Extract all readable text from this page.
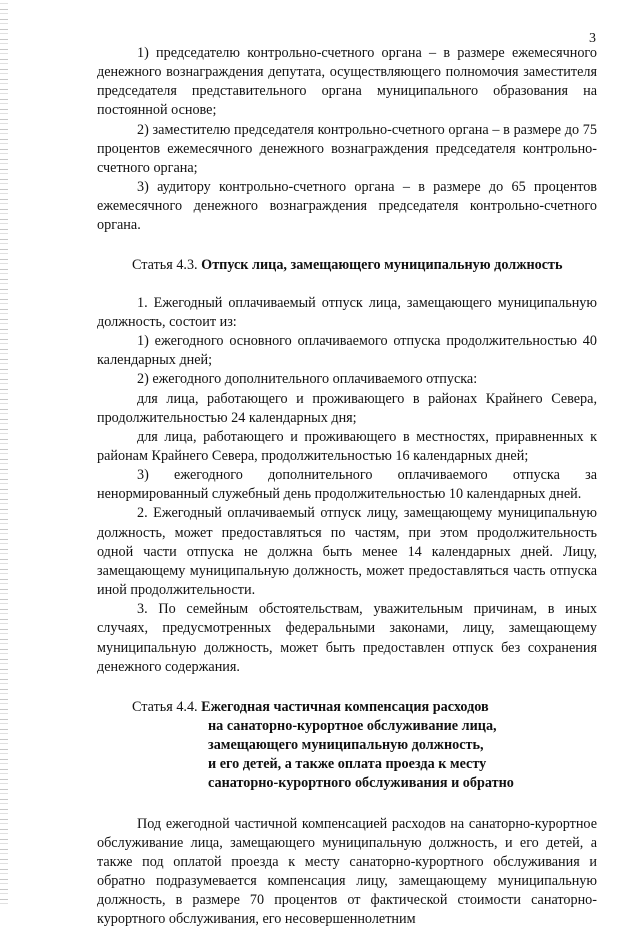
3

1) председателю контрольно-счетного органа – в размере ежемесячного денежного вознаграждения депутата, осуществляющего полномочия заместителя председателя представительного органа муниципального образования на постоянной основе;

2) заместителю председателя контрольно-счетного органа – в размере до 75 процентов ежемесячного денежного вознаграждения председателя контрольно-счетного органа;

3) аудитору контрольно-счетного органа – в размере до 65 процентов ежемесячного денежного вознаграждения председателя контрольно-счетного органа.

Статья 4.3. Отпуск лица, замещающего муниципальную должность

1. Ежегодный оплачиваемый отпуск лица, замещающего муниципальную должность, состоит из:

1) ежегодного основного оплачиваемого отпуска продолжительностью 40 календарных дней;

2) ежегодного дополнительного оплачиваемого отпуска:

для лица, работающего и проживающего в районах Крайнего Севера, продолжительностью 24 календарных дня;

для лица, работающего и проживающего в местностях, приравненных к районам Крайнего Севера, продолжительностью 16 календарных дней;

3) ежегодного дополнительного оплачиваемого отпуска за ненормированный служебный день продолжительностью 10 календарных дней.

2. Ежегодный оплачиваемый отпуск лицу, замещающему муниципальную должность, может предоставляться по частям, при этом продолжительность одной части отпуска не должна быть менее 14 календарных дней. Лицу, замещающему муниципальную должность, может предоставляться часть отпуска иной продолжительности.

3. По семейным обстоятельствам, уважительным причинам, в иных случаях, предусмотренных федеральными законами, лицу, замещающему муниципальную должность, может быть предоставлен отпуск без сохранения денежного содержания.

Статья 4.4. Ежегодная частичная компенсация расходов
на санаторно-курортное обслуживание лица,
замещающего муниципальную должность,
и его детей, а также оплата проезда к месту
санаторно-курортного обслуживания и обратно

Под ежегодной частичной компенсацией расходов на санаторно-курортное обслуживание лица, замещающего муниципальную должность, и его детей, а также под оплатой проезда к месту санаторно-курортного обслуживания и обратно подразумевается компенсация лицу, замещающему муниципальную должность, в размере 70 процентов от фактической стоимости санаторно-курортного обслуживания, его несовершеннолетним
